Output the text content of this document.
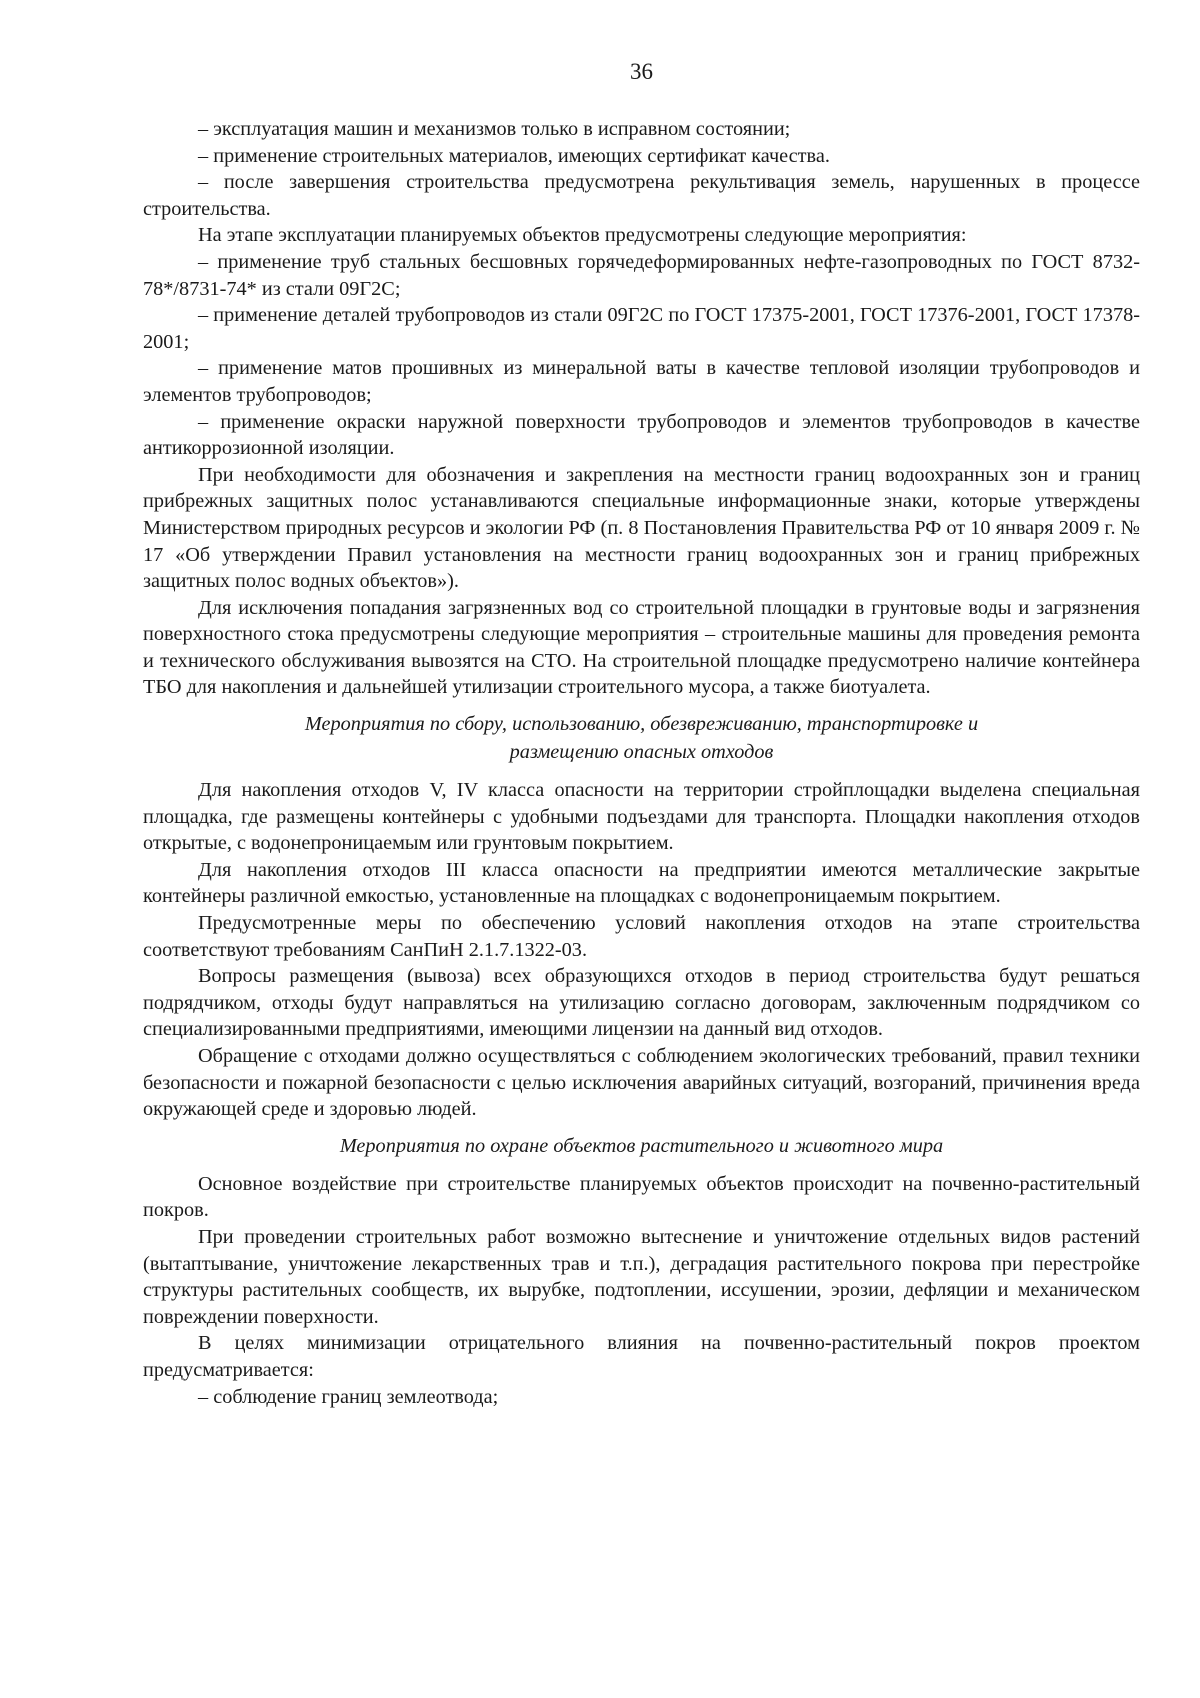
36

– эксплуатация машин и механизмов только в исправном состоянии;

– применение строительных материалов, имеющих сертификат качества.

– после завершения строительства предусмотрена рекультивация земель, нарушенных в процессе строительства.

На этапе эксплуатации планируемых объектов предусмотрены следующие мероприятия:

– применение труб стальных бесшовных горячедеформированных нефте-газопроводных по ГОСТ 8732-78*/8731-74* из стали 09Г2С;

– применение деталей трубопроводов из стали 09Г2С по ГОСТ 17375-2001, ГОСТ 17376-2001, ГОСТ 17378-2001;

– применение матов прошивных из минеральной ваты в качестве тепловой изоляции трубопроводов и элементов трубопроводов;

– применение окраски наружной поверхности трубопроводов и элементов трубопроводов в качестве антикоррозионной изоляции.

При необходимости для обозначения и закрепления на местности границ водоохранных зон и границ прибрежных защитных полос устанавливаются специальные информационные знаки, которые утверждены Министерством природных ресурсов и экологии РФ (п. 8 Постановления Правительства РФ от 10 января 2009 г. № 17 «Об утверждении Правил установления на местности границ водоохранных зон и границ прибрежных защитных полос водных объектов»).

Для исключения попадания загрязненных вод со строительной площадки в грунтовые воды и загрязнения поверхностного стока предусмотрены следующие мероприятия – строительные машины для проведения ремонта и технического обслуживания вывозятся на СТО. На строительной площадке предусмотрено наличие контейнера ТБО для накопления и дальнейшей утилизации строительного мусора, а также биотуалета.

Мероприятия по сбору, использованию, обезвреживанию, транспортировке и
размещению опасных отходов

Для накопления отходов V, IV класса опасности на территории стройплощадки выделена специальная площадка, где размещены контейнеры с удобными подъездами для транспорта. Площадки накопления отходов открытые, с водонепроницаемым или грунтовым покрытием.

Для накопления отходов III класса опасности на предприятии имеются металлические закрытые контейнеры различной емкостью, установленные на площадках с водонепроницаемым покрытием.

Предусмотренные меры по обеспечению условий накопления отходов на этапе строительства соответствуют требованиям СанПиН 2.1.7.1322-03.

Вопросы размещения (вывоза) всех образующихся отходов в период строительства будут решаться подрядчиком, отходы будут направляться на утилизацию согласно договорам, заключенным подрядчиком со специализированными предприятиями, имеющими лицензии на данный вид отходов.

Обращение с отходами должно осуществляться с соблюдением экологических требований, правил техники безопасности и пожарной безопасности с целью исключения аварийных ситуаций, возгораний, причинения вреда окружающей среде и здоровью людей.

Мероприятия по охране объектов растительного и животного мира

Основное воздействие при строительстве планируемых объектов происходит на почвенно-растительный покров.

При проведении строительных работ возможно вытеснение и уничтожение отдельных видов растений (вытаптывание, уничтожение лекарственных трав и т.п.), деградация растительного покрова при перестройке структуры растительных сообществ, их вырубке, подтоплении, иссушении, эрозии, дефляции и механическом повреждении поверхности.

В целях минимизации отрицательного влияния на почвенно-растительный покров проектом предусматривается:

– соблюдение границ землеотвода;
